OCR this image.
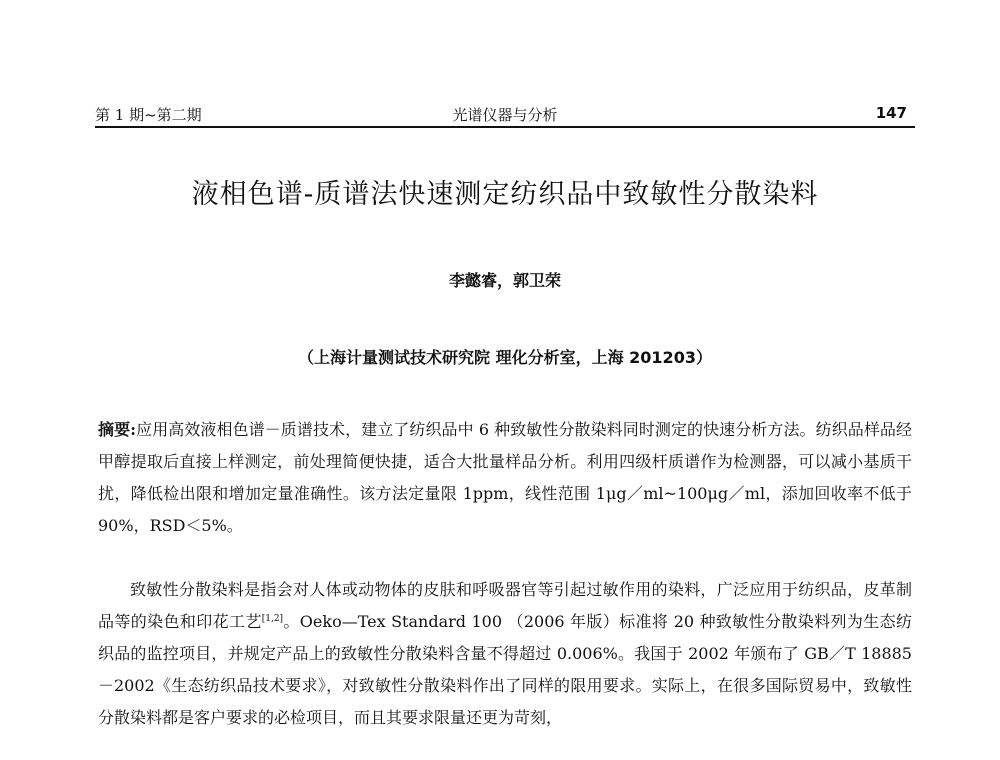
第 1 期~第二期	光谱仪器与分析	147
液相色谱-质谱法快速测定纺织品中致敏性分散染料
李懿睿，郭卫荣
（上海计量测试技术研究院 理化分析室，上海 201203）
摘要:应用高效液相色谱－质谱技术，建立了纺织品中 6 种致敏性分散染料同时测定的快速分析方法。纺织品样品经甲醇提取后直接上样测定，前处理简便快捷，适合大批量样品分析。利用四级杆质谱作为检测器，可以减小基质干扰，降低检出限和增加定量准确性。该方法定量限 1ppm，线性范围 1μg／ml~100μg／ml，添加回收率不低于 90%，RSD＜5%。

致敏性分散染料是指会对人体或动物体的皮肤和呼吸器官等引起过敏作用的染料，广泛应用于纺织品，皮革制品等的染色和印花工艺[1,2]。Oeko—Tex Standard 100 （2006 年版）标准将 20 种致敏性分散染料列为生态纺织品的监控项目，并规定产品上的致敏性分散染料含量不得超过 0.006%。我国于 2002 年颁布了 GB／T 18885－2002《生态纺织品技术要求》，对致敏性分散染料作出了同样的限用要求。实际上，在很多国际贸易中，致敏性分散染料都是客户要求的必检项目，而且其要求限量还更为苛刻，
